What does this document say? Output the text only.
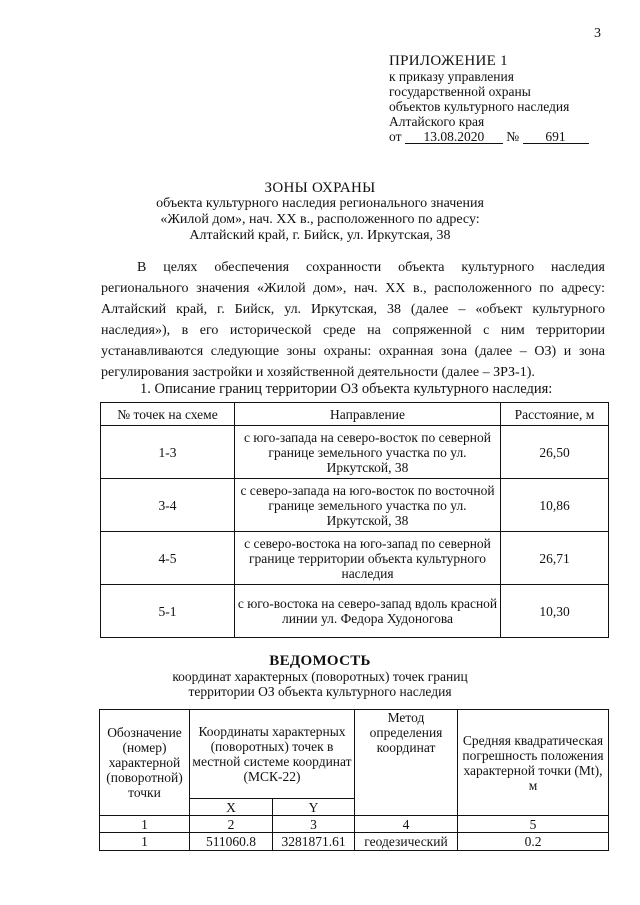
3
ПРИЛОЖЕНИЕ 1
к приказу управления
государственной охраны
объектов культурного наследия
Алтайского края
от 13.08.2020 № 691
ЗОНЫ ОХРАНЫ
объекта культурного наследия регионального значения
«Жилой дом», нач. XX в., расположенного по адресу:
Алтайский край, г. Бийск, ул. Иркутская, 38
В целях обеспечения сохранности объекта культурного наследия регионального значения «Жилой дом», нач. XX в., расположенного по адресу: Алтайский край, г. Бийск, ул. Иркутская, 38 (далее – «объект культурного наследия»), в его исторической среде на сопряженной с ним территории устанавливаются следующие зоны охраны: охранная зона (далее – ОЗ) и зона регулирования застройки и хозяйственной деятельности (далее – ЗРЗ-1).
1. Описание границ территории ОЗ объекта культурного наследия:
№ точек на схеме	Направление	Расстояние, м
1-3	с юго-запада на северо-восток по северной границе земельного участка по ул. Иркутской, 38	26,50
3-4	с северо-запада на юго-восток по восточной границе земельного участка по ул. Иркутской, 38	10,86
4-5	с северо-востока на юго-запад по северной границе территории объекта культурного наследия	26,71
5-1	с юго-востока на северо-запад вдоль красной линии ул. Федора Худоногова	10,30
ВЕДОМОСТЬ
координат характерных (поворотных) точек границ
территории ОЗ объекта культурного наследия
Обозначение (номер) характерной (поворотной) точки	Координаты характерных (поворотных) точек в местной системе координат (МСК-22)		Метод определения координат	Средняя квадратическая погрешность положения характерной точки (Mt), м
	X	Y		
1	2	3	4	5
1	511060.8	3281871.61	геодезический	0.2
